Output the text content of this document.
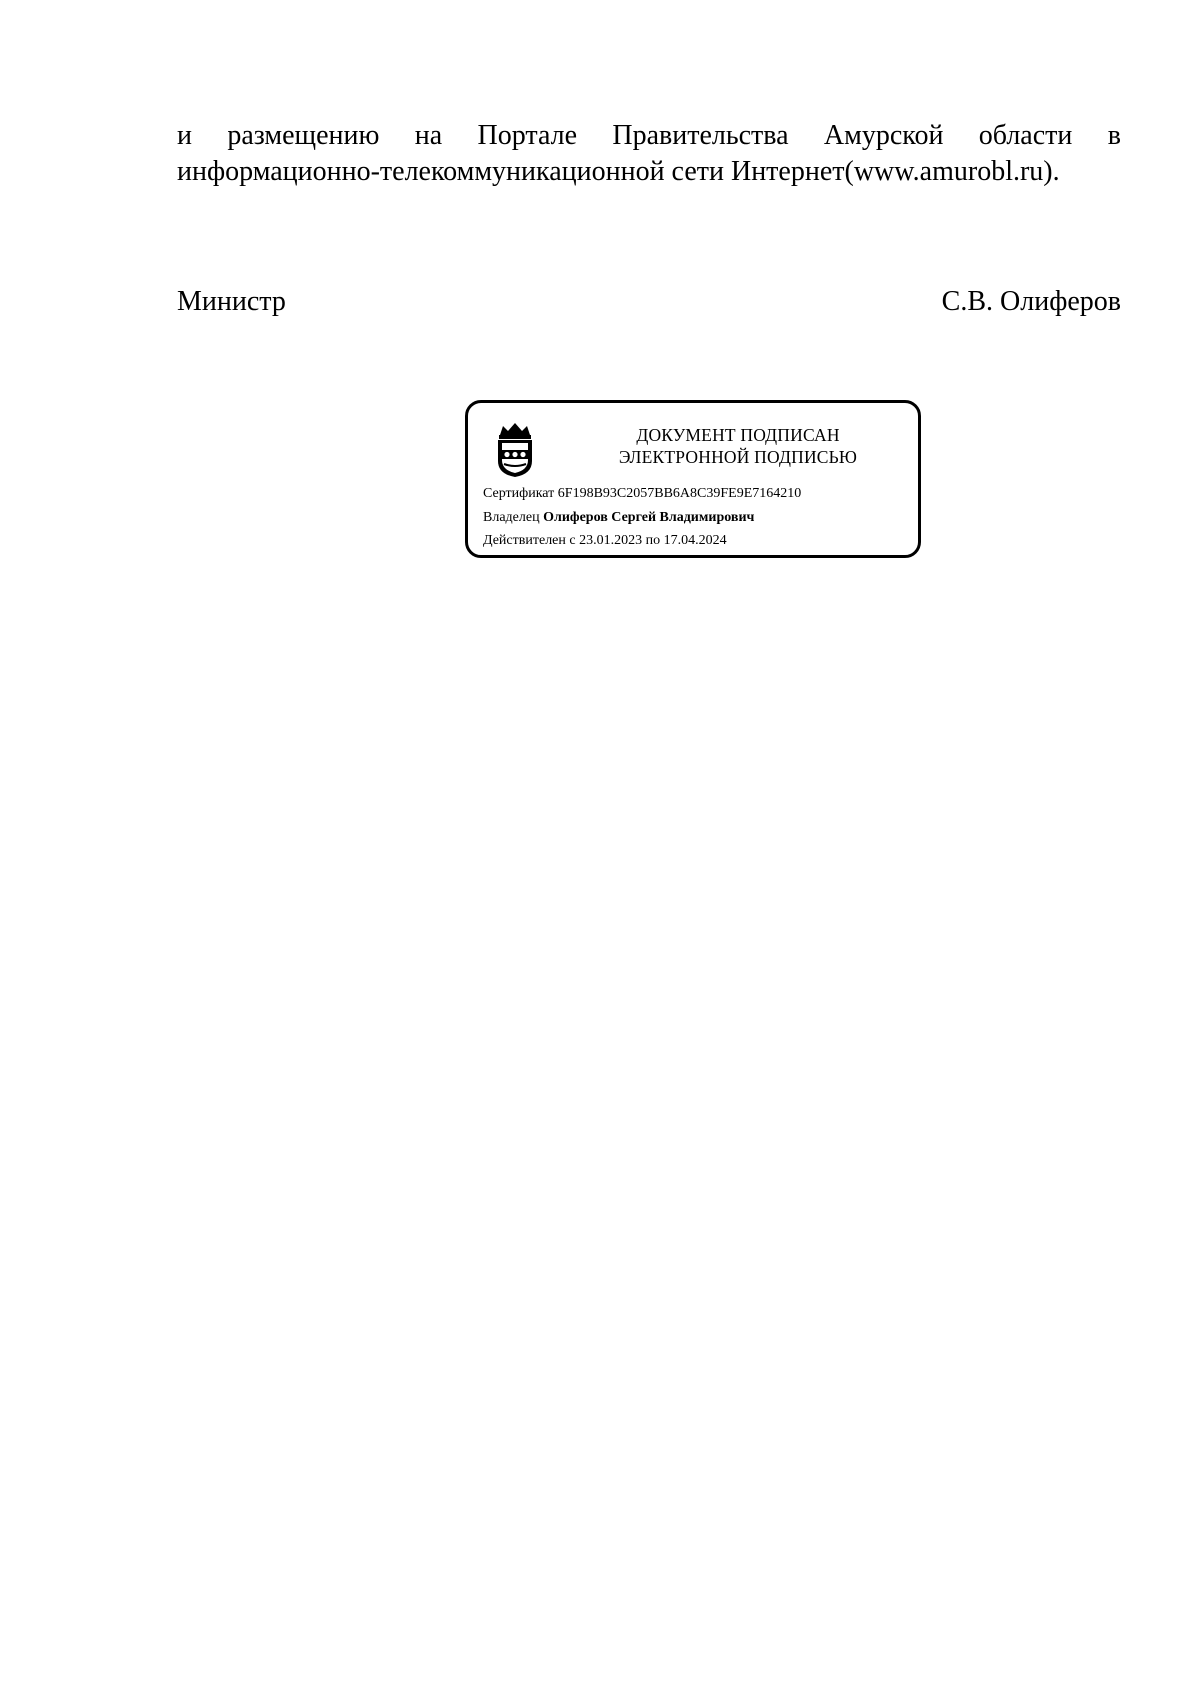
и размещению на Портале Правительства Амурской области в
информационно-телекоммуникационной сети Интернет(www.amurobl.ru).
Министр	С.В. Олиферов
ДОКУМЕНТ ПОДПИСАН
ЭЛЕКТРОННОЙ ПОДПИСЬЮ
Сертификат 6F198B93C2057BB6A8C39FE9E7164210
Владелец Олиферов Сергей Владимирович
Действителен с 23.01.2023 по 17.04.2024
